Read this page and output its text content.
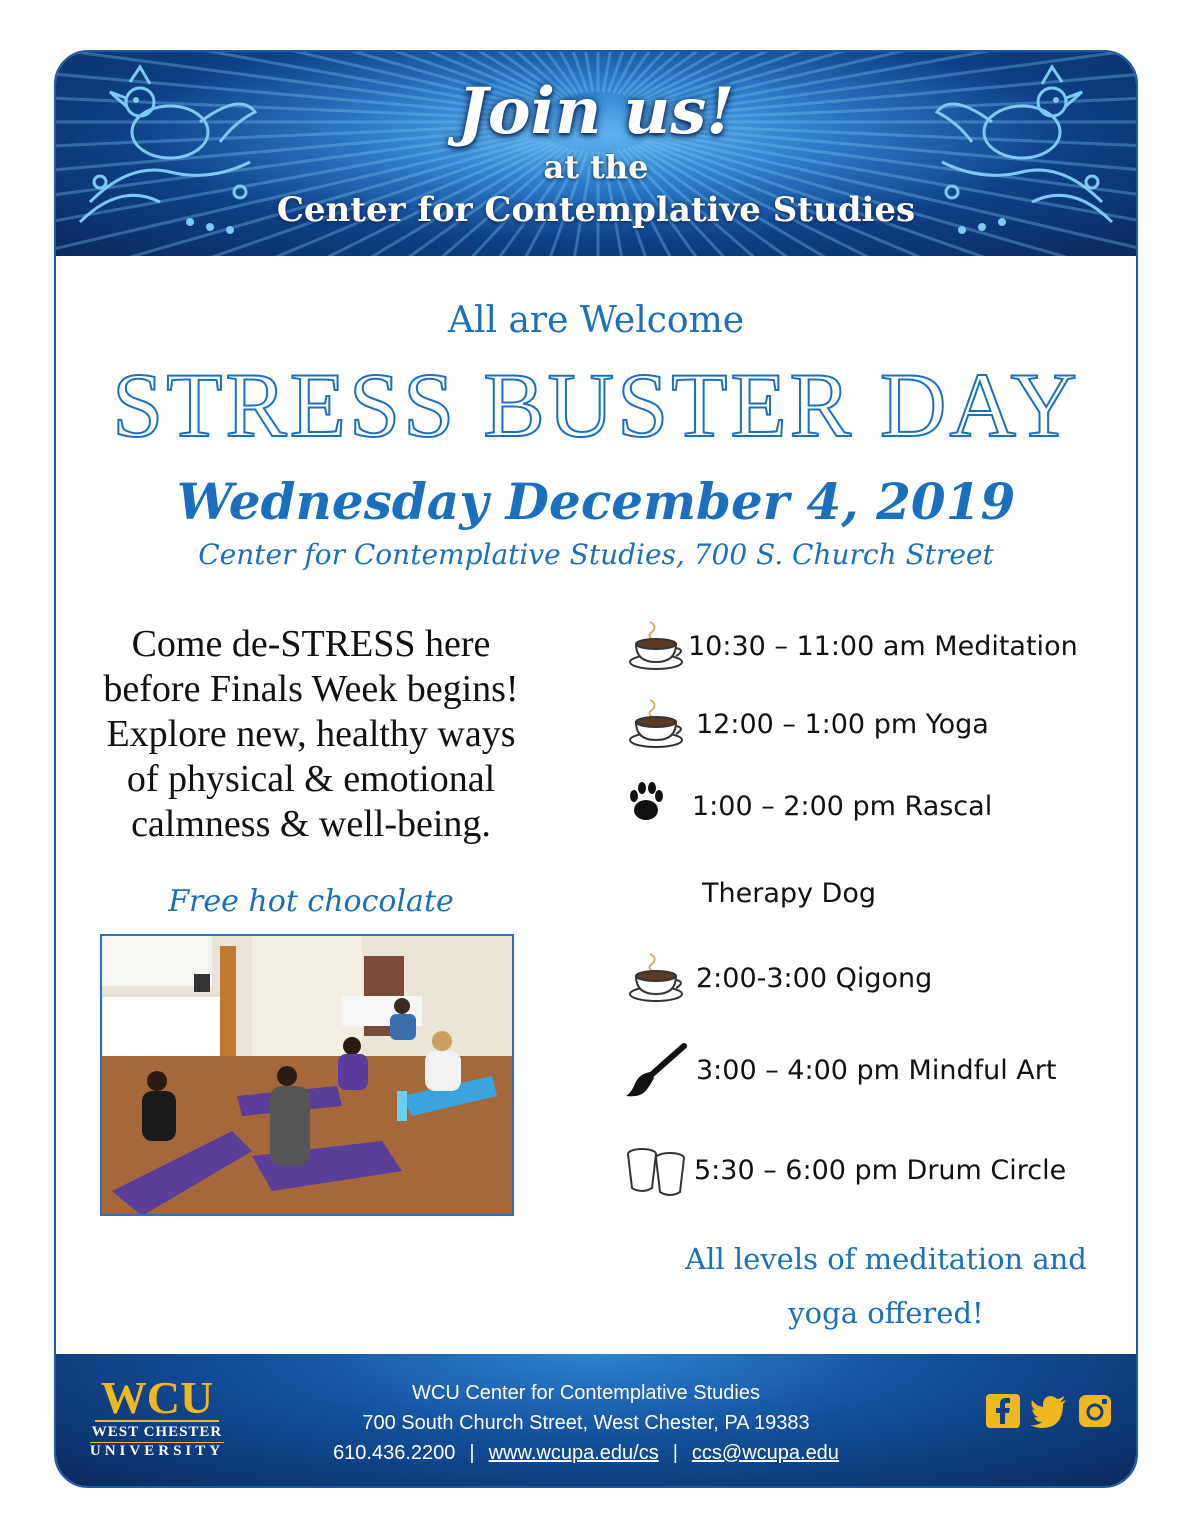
Join us!
at the
Center for Contemplative Studies
All are Welcome
STRESS BUSTER DAY
Wednesday December 4, 2019
Center for Contemplative Studies, 700 S. Church Street
Come de-STRESS here
before Finals Week begins!
Explore new, healthy ways
of physical & emotional
calmness & well-being.
Free hot chocolate
10:30 – 11:00 am Meditation
12:00 – 1:00 pm Yoga
1:00 – 2:00 pm Rascal
Therapy Dog
2:00-3:00 Qigong
3:00 – 4:00 pm Mindful Art
5:30 – 6:00 pm Drum Circle
All levels of meditation and
yoga offered!
WCU
WEST CHESTER
UNIVERSITY
WCU Center for Contemplative Studies
700 South Church Street, West Chester, PA 19383
610.436.2200 | www.wcupa.edu/cs | ccs@wcupa.edu
